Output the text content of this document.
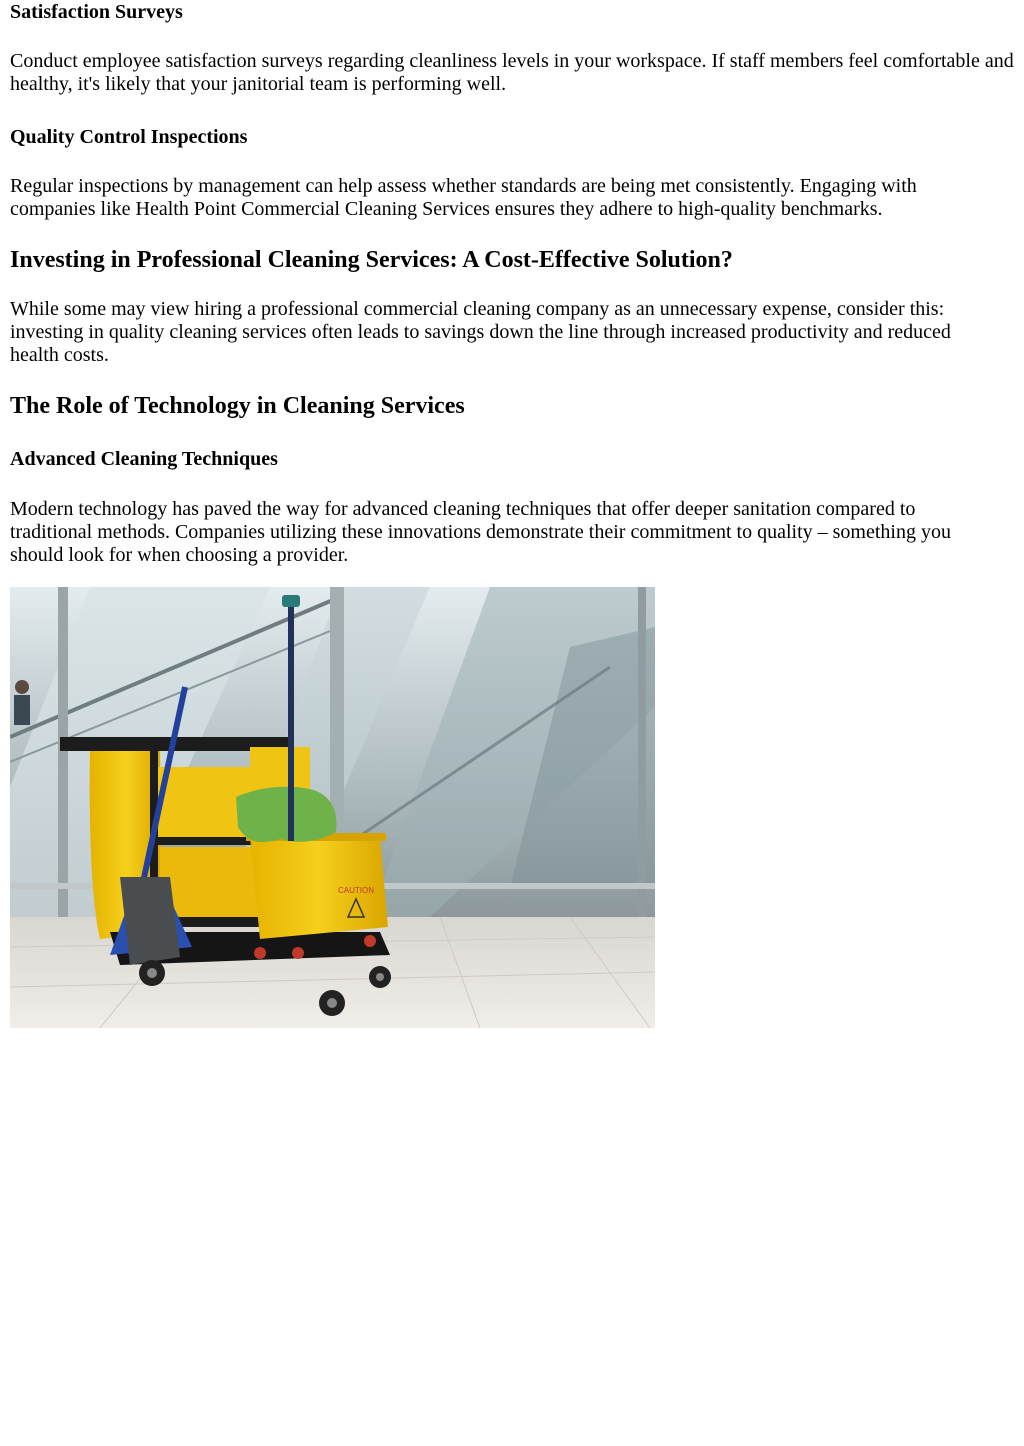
Satisfaction Surveys

Conduct employee satisfaction surveys regarding cleanliness levels in your workspace. If staff members feel comfortable and healthy, it's likely that your janitorial team is performing well.

Quality Control Inspections

Regular inspections by management can help assess whether standards are being met consistently. Engaging with companies like Health Point Commercial Cleaning Services ensures they adhere to high-quality benchmarks.

Investing in Professional Cleaning Services: A Cost-Effective Solution?

While some may view hiring a professional commercial cleaning company as an unnecessary expense, consider this: investing in quality cleaning services often leads to savings down the line through increased productivity and reduced health costs.

The Role of Technology in Cleaning Services
Advanced Cleaning Techniques

Modern technology has paved the way for advanced cleaning techniques that offer deeper sanitation compared to traditional methods. Companies utilizing these innovations demonstrate their commitment to quality – something you should look for when choosing a provider.

CAUTION
